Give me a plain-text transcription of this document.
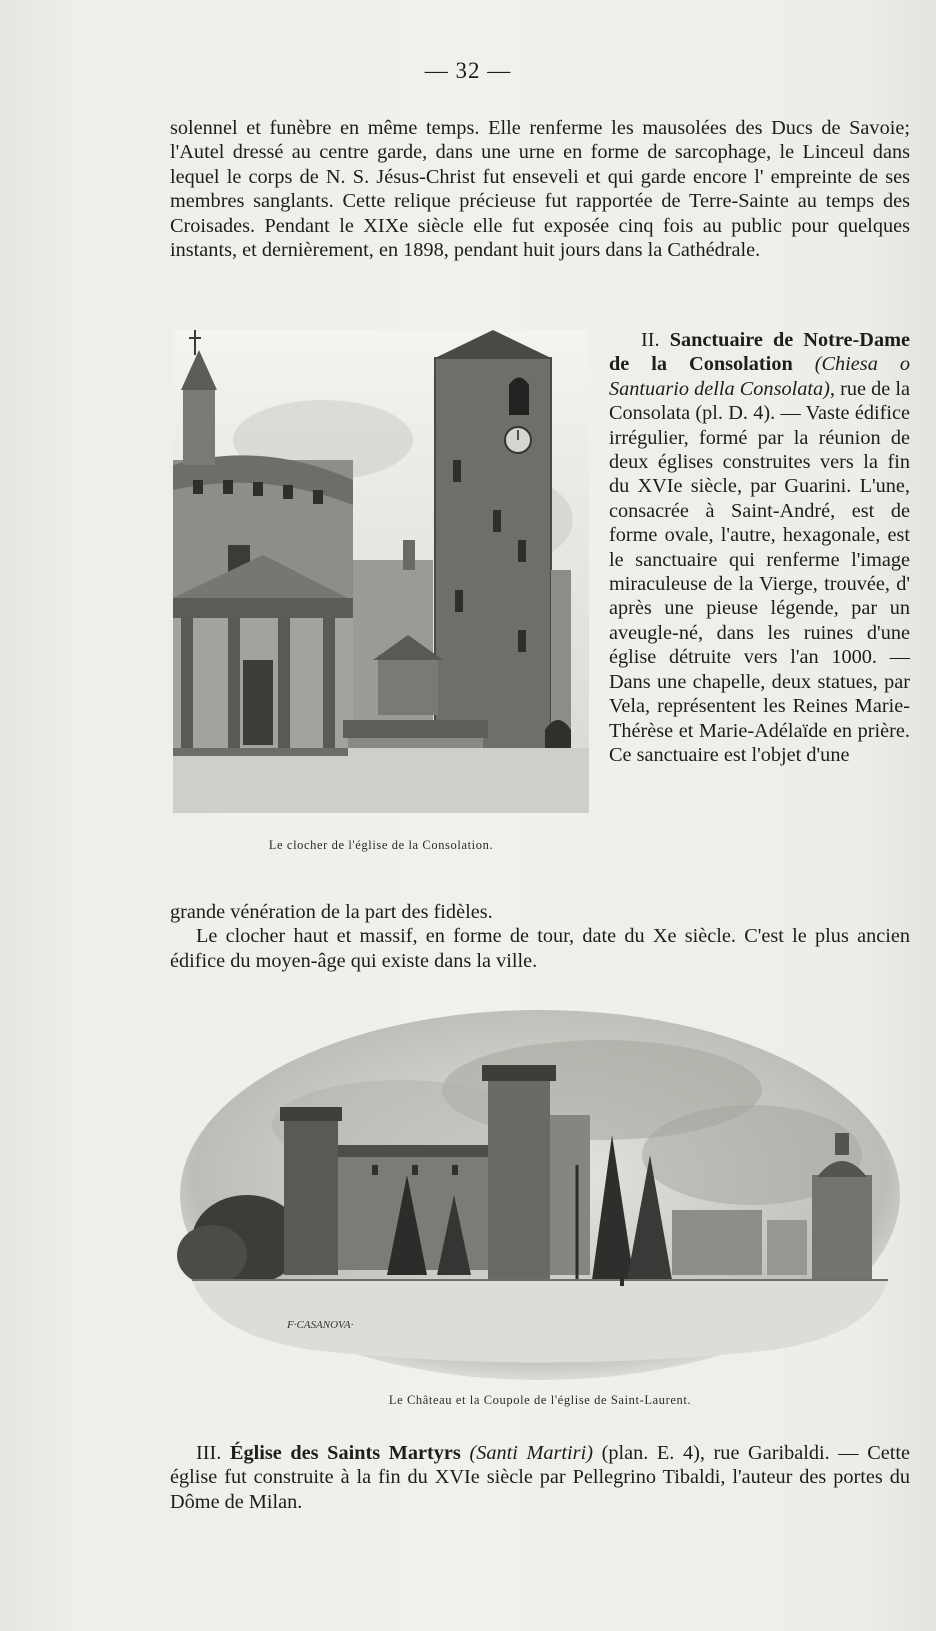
— 32 —

solennel et funèbre en même temps. Elle renferme les mausolées des Ducs de Savoie; l'Autel dressé au centre garde, dans une urne en forme de sarcophage, le Linceul dans lequel le corps de N. S. Jésus-Christ fut enseveli et qui garde encore l' empreinte de ses membres sanglants. Cette relique précieuse fut rapportée de Terre-Sainte au temps des Croisades. Pendant le XIXe siècle elle fut exposée cinq fois au public pour quelques instants, et dernièrement, en 1898, pendant huit jours dans la Cathédrale.

Le clocher de l'église de la Consolation.

II. Sanctuaire de Notre-Dame de la Consolation (Chiesa o Santuario della Consolata), rue de la Consolata (pl. D. 4). — Vaste édifice irrégulier, formé par la réunion de deux églises construites vers la fin du XVIe siècle, par Guarini. L'une, consacrée à Saint-André, est de forme ovale, l'autre, hexagonale, est le sanctuaire qui renferme l'image miraculeuse de la Vierge, trouvée, d' après une pieuse légende, par un aveugle-né, dans les ruines d'une église détruite vers l'an 1000. — Dans une chapelle, deux statues, par Vela, représentent les Reines Marie-Thérèse et Marie-Adélaïde en prière. Ce sanctuaire est l'objet d'une

grande vénération de la part des fidèles.

Le clocher haut et massif, en forme de tour, date du Xe siècle. C'est le plus ancien édifice du moyen-âge qui existe dans la ville.

F·CASANOVA·
Le Château et la Coupole de l'église de Saint-Laurent.

III. Église des Saints Martyrs (Santi Martiri) (plan. E. 4), rue Garibaldi. — Cette église fut construite à la fin du XVIe siècle par Pellegrino Tibaldi, l'auteur des portes du Dôme de Milan.
